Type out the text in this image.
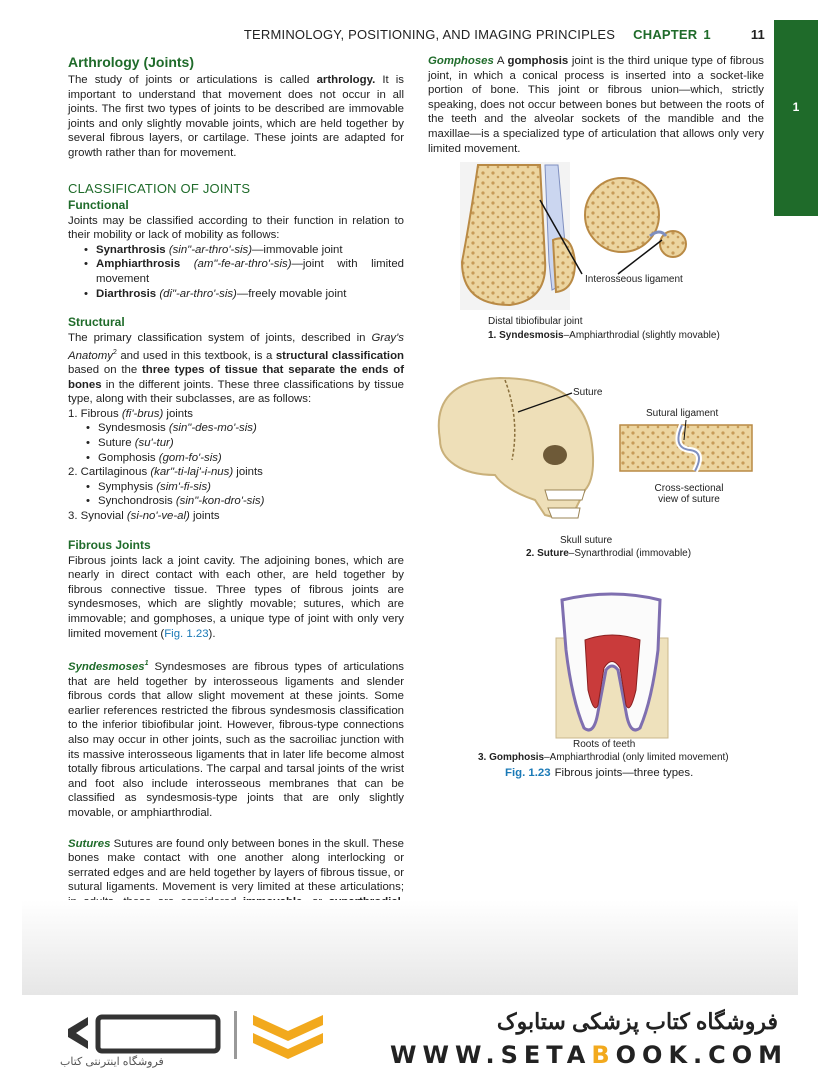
TERMINOLOGY, POSITIONING, AND IMAGING PRINCIPLES CHAPTER 1	11
1
Arthrology (Joints)

The study of joints or articulations is called arthrology. It is important to understand that movement does not occur in all joints. The first two types of joints to be described are immovable joints and only slightly movable joints, which are held together by several fibrous layers, or cartilage. These joints are adapted for growth rather than for movement.

CLASSIFICATION OF JOINTS
Functional

Joints may be classified according to their function in relation to their mobility or lack of mobility as follows:

• Synarthrosis (sin"-ar-thro'-sis)—immovable joint
• Amphiarthrosis (am"-fe-ar-thro'-sis)—joint with limited movement
• Diarthrosis (di"-ar-thro'-sis)—freely movable joint
Structural

The primary classification system of joints, described in Gray's Anatomy$^2$ and used in this textbook, is a structural classification based on the three types of tissue that separate the ends of bones in the different joints. These three classifications by tissue type, along with their subclasses, are as follows:

1. Fibrous (fi'-brus) joints
• Syndesmosis (sin"-des-mo'-sis)
• Suture (su'-tur)
• Gomphosis (gom-fo'-sis)
2. Cartilaginous (kar"-ti-laj'-i-nus) joints
• Symphysis (sim'-fi-sis)
• Synchondrosis (sin"-kon-dro'-sis)
3. Synovial (si-no'-ve-al) joints
Fibrous Joints

Fibrous joints lack a joint cavity. The adjoining bones, which are nearly in direct contact with each other, are held together by fibrous connective tissue. Three types of fibrous joints are syndesmoses, which are slightly movable; sutures, which are immovable; and gomphoses, a unique type of joint with only very limited movement (Fig. 1.23).

Syndesmoses$^1$ Syndesmoses are fibrous types of articulations that are held together by interosseous ligaments and slender fibrous cords that allow slight movement at these joints. Some earlier references restricted the fibrous syndesmosis classification to the inferior tibiofibular joint. However, fibrous-type connections also may occur in other joints, such as the sacroiliac junction with its massive interosseous ligaments that in later life become almost totally fibrous articulations. The carpal and tarsal joints of the wrist and foot also include interosseous membranes that can be classified as syndesmosis-type joints that are only slightly movable, or amphiarthrodial.

Sutures Sutures are found only between bones in the skull. These bones make contact with one another along interlocking or serrated edges and are held together by layers of fibrous tissue, or sutural ligaments. Movement is very limited at these articulations;

Gomphoses A gomphosis joint is the third unique type of fibrous joint, in which a conical process is inserted into a socket-like portion of bone. This joint or fibrous union—which, strictly speaking, does not occur between bones but between the roots of the teeth and the alveolar sockets of the mandible and the maxillae—is a specialized type of articulation that allows only very limited movement.

Interosseous ligament
Distal tibiofibular joint
1. Syndesmosis–Amphiarthrodial (slightly movable)
Suture
Sutural ligament
Cross-sectional
view of suture
Skull suture
2. Suture–Synarthrodial (immovable)
Roots of teeth
3. Gomphosis–Amphiarthrodial (only limited movement)
Fig. 1.23 Fibrous joints—three types.
فروشگاه اینترنتی کتاب
فروشگاه کتاب پزشکی ستابوک
WWW.SETABOOK.COM
